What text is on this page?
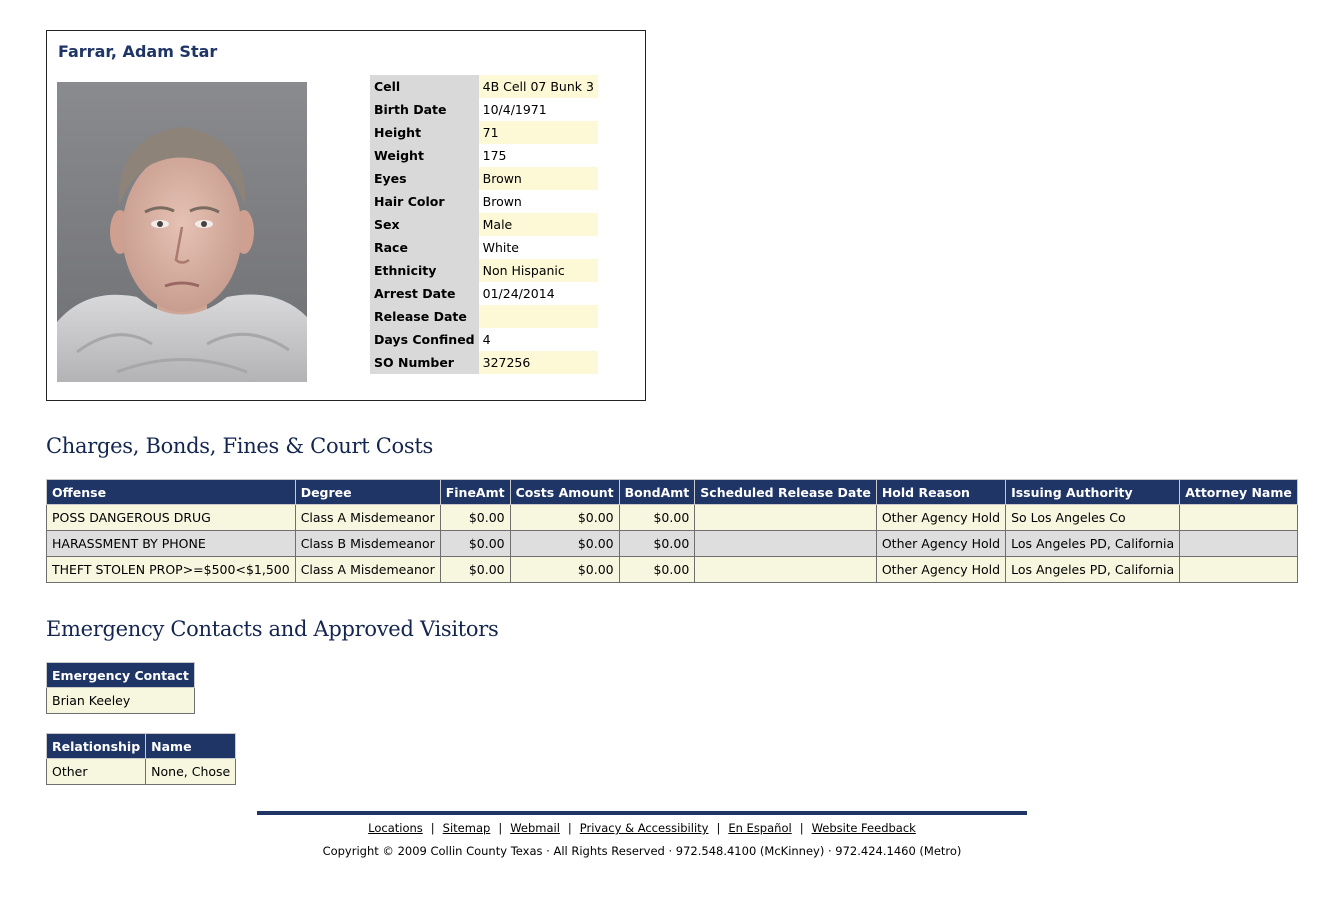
Farrar, Adam Star
Cell	4B Cell 07 Bunk 3
Birth Date	10/4/1971
Height	71
Weight	175
Eyes	Brown
Hair Color	Brown
Sex	Male
Race	White
Ethnicity	Non Hispanic
Arrest Date	01/24/2014
Release Date	
Days Confined	4
SO Number	327256
Charges, Bonds, Fines & Court Costs
Offense	Degree	FineAmt	Costs Amount	BondAmt	Scheduled Release Date	Hold Reason	Issuing Authority	Attorney Name
POSS DANGEROUS DRUG	Class A Misdemeanor	$0.00	$0.00	$0.00		Other Agency Hold	So Los Angeles Co	
HARASSMENT BY PHONE	Class B Misdemeanor	$0.00	$0.00	$0.00		Other Agency Hold	Los Angeles PD, California	
THEFT STOLEN PROP>=$500<$1,500	Class A Misdemeanor	$0.00	$0.00	$0.00		Other Agency Hold	Los Angeles PD, California	
Emergency Contacts and Approved Visitors
Emergency Contact
Brian Keeley
Relationship	Name
Other	None, Chose
Locations | Sitemap | Webmail | Privacy & Accessibility | En Español | Website Feedback
Copyright © 2009 Collin County Texas · All Rights Reserved · 972.548.4100 (McKinney) · 972.424.1460 (Metro)
